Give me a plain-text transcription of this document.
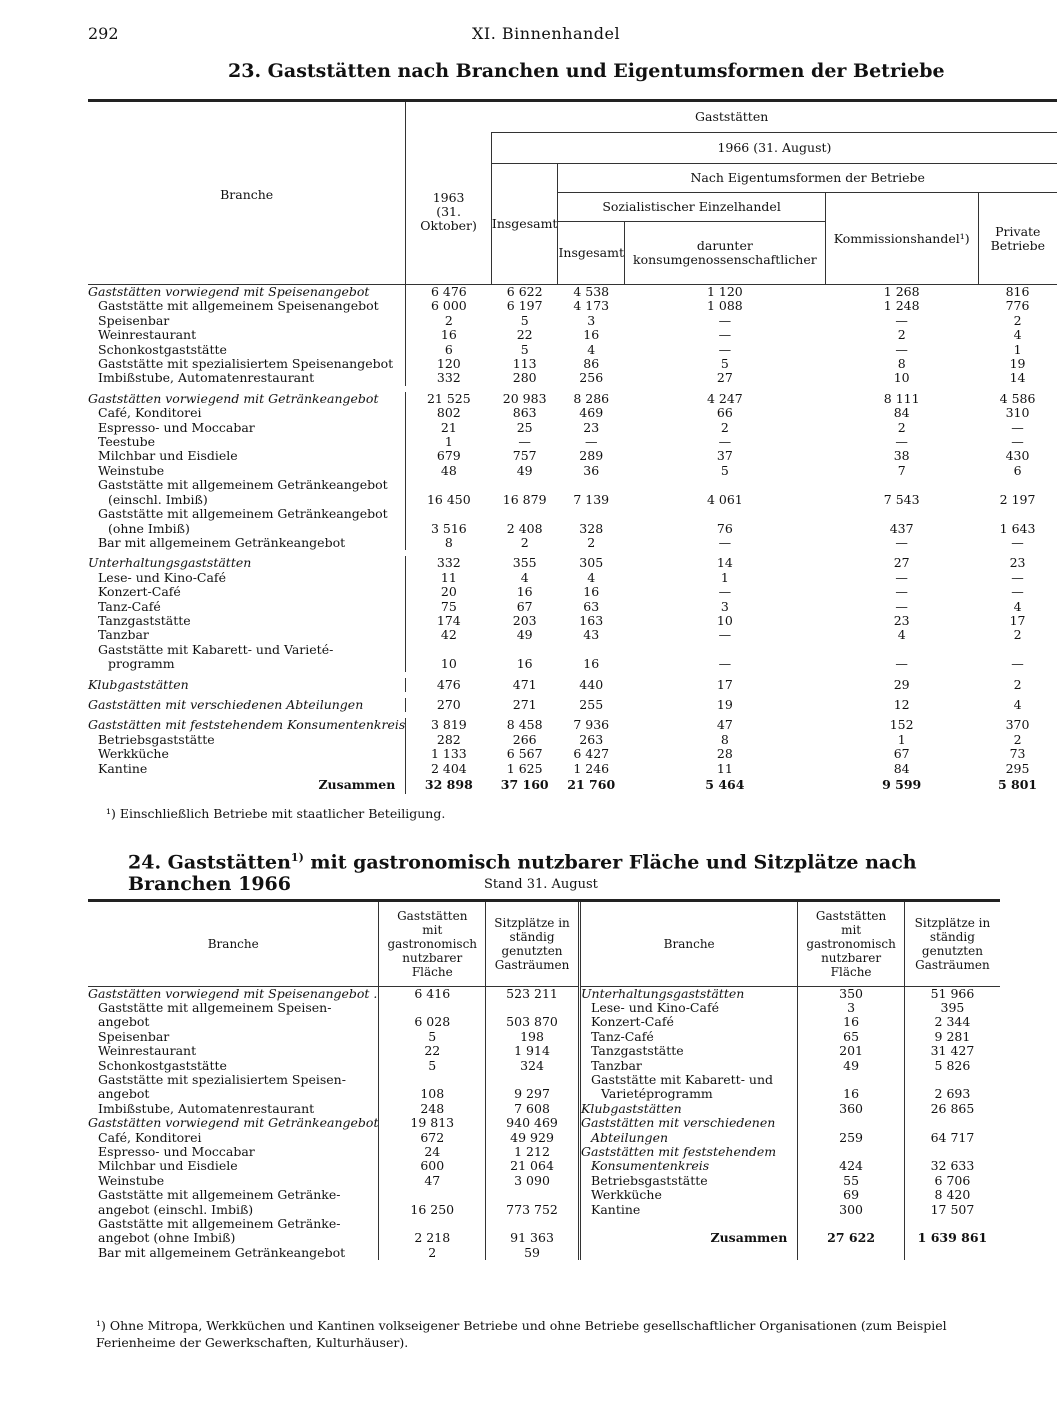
292	XI. Binnenhandel
23. Gaststätten nach Branchen und Eigentumsformen der Betriebe

Branche	Gaststätten					
	1963 (31. Oktober)	1966 (31. August)				
		Insgesamt	Nach Eigentumsformen der Betriebe			
			Sozialistischer Einzelhandel		Kommissionshandel¹)	Private Betriebe
			Insgesamt	darunter konsumgenossenschaftlicher		

Gaststätten vorwiegend mit Speisenangebot	6 476	6 622	4 538	1 120	1 268	816
Gaststätte mit allgemeinem Speisenangebot	6 000	6 197	4 173	1 088	1 248	776
Speisenbar	2	5	3	—	—	2
Weinrestaurant	16	22	16	—	2	4
Schonkostgaststätte	6	5	4	—	—	1
Gaststätte mit spezialisiertem Speisenangebot	120	113	86	5	8	19
Imbißstube, Automatenrestaurant	332	280	256	27	10	14

Gaststätten vorwiegend mit Getränkeangebot	21 525	20 983	8 286	4 247	8 111	4 586
Café, Konditorei	802	863	469	66	84	310
Espresso- und Moccabar	21	25	23	2	2	—
Teestube	1	—	—	—	—	—
Milchbar und Eisdiele	679	757	289	37	38	430
Weinstube	48	49	36	5	7	6
Gaststätte mit allgemeinem Getränkeangebot						
(einschl. Imbiß)	16 450	16 879	7 139	4 061	7 543	2 197
Gaststätte mit allgemeinem Getränkeangebot						
(ohne Imbiß)	3 516	2 408	328	76	437	1 643
Bar mit allgemeinem Getränkeangebot	8	2	2	—	—	—

Unterhaltungsgaststätten	332	355	305	14	27	23
Lese- und Kino-Café	11	4	4	1	—	—
Konzert-Café	20	16	16	—	—	—
Tanz-Café	75	67	63	3	—	4
Tanzgaststätte	174	203	163	10	23	17
Tanzbar	42	49	43	—	4	2
Gaststätte mit Kabarett- und Varieté-						
programm	10	16	16	—	—	—

Klubgaststätten	476	471	440	17	29	2

Gaststätten mit verschiedenen Abteilungen	270	271	255	19	12	4

Gaststätten mit feststehendem Konsumentenkreis	3 819	8 458	7 936	47	152	370
Betriebsgaststätte	282	266	263	8	1	2
Werkküche	1 133	6 567	6 427	28	67	73
Kantine	2 404	1 625	1 246	11	84	295
Zusammen	32 898	37 160	21 760	5 464	9 599	5 801
¹) Einschließlich Betriebe mit staatlicher Beteiligung.
24. Gaststätten$^{1)}$ mit gastronomisch nutzbarer Fläche und Sitzplätze nach Branchen 1966	Stand 31. August

Branche	Gaststätten mit gastronomisch nutzbarer Fläche	Sitzplätze in ständig genutzten Gasträumen	Branche	Gaststätten mit gastronomisch nutzbarer Fläche	Sitzplätze in ständig genutzten Gasträumen

Gaststätten vorwiegend mit Speisenangebot .	6 416	523 211	Unterhaltungsgaststätten	350	51 966
Gaststätte mit allgemeinem Speisen-			Lese- und Kino-Café	3	395
angebot	6 028	503 870	Konzert-Café	16	2 344
Speisenbar	5	198	Tanz-Café	65	9 281
Weinrestaurant	22	1 914	Tanzgaststätte	201	31 427
Schonkostgaststätte	5	324	Tanzbar	49	5 826
Gaststätte mit spezialisiertem Speisen-			Gaststätte mit Kabarett- und		
angebot	108	9 297	Varietéprogramm	16	2 693
Imbißstube, Automatenrestaurant	248	7 608	Klubgaststätten	360	26 865
Gaststätten vorwiegend mit Getränkeangebot	19 813	940 469	Gaststätten mit verschiedenen		
Café, Konditorei	672	49 929	Abteilungen	259	64 717
Espresso- und Moccabar	24	1 212	Gaststätten mit feststehendem		
Milchbar und Eisdiele	600	21 064	Konsumentenkreis	424	32 633
Weinstube	47	3 090	Betriebsgaststätte	55	6 706
Gaststätte mit allgemeinem Getränke-			Werkküche	69	8 420
angebot (einschl. Imbiß)	16 250	773 752	Kantine	300	17 507
Gaststätte mit allgemeinem Getränke-					
angebot (ohne Imbiß)	2 218	91 363	Zusammen	27 622	1 639 861
Bar mit allgemeinem Getränkeangebot	2	59			
¹) Ohne Mitropa, Werkküchen und Kantinen volkseigener Betriebe und ohne Betriebe gesellschaftlicher Organisationen (zum Beispiel Ferienheime der Gewerkschaften, Kulturhäuser).
